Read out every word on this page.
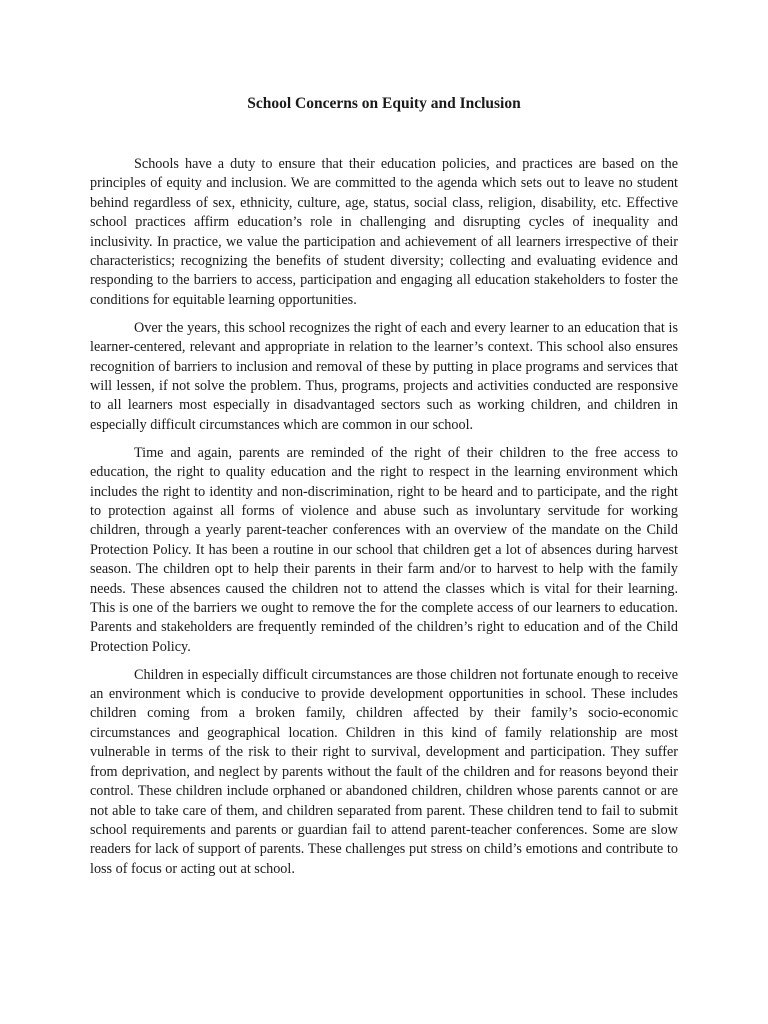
School Concerns on Equity and Inclusion

Schools have a duty to ensure that their education policies, and practices are based on the principles of equity and inclusion. We are committed to the agenda which sets out to leave no student behind regardless of sex, ethnicity, culture, age, status, social class, religion, disability, etc. Effective school practices affirm education’s role in challenging and disrupting cycles of inequality and inclusivity. In practice, we value the participation and achievement of all learners irrespective of their characteristics; recognizing the benefits of student diversity; collecting and evaluating evidence and responding to the barriers to access, participation and engaging all education stakeholders to foster the conditions for equitable learning opportunities.

Over the years, this school recognizes the right of each and every learner to an education that is learner-centered, relevant and appropriate in relation to the learner’s context. This school also ensures recognition of barriers to inclusion and removal of these by putting in place programs and services that will lessen, if not solve the problem. Thus, programs, projects and activities conducted are responsive to all learners most especially in disadvantaged sectors such as working children, and children in especially difficult circumstances which are common in our school.

Time and again, parents are reminded of the right of their children to the free access to education, the right to quality education and the right to respect in the learning environment which includes the right to identity and non-discrimination, right to be heard and to participate, and the right to protection against all forms of violence and abuse such as involuntary servitude for working children, through a yearly parent-teacher conferences with an overview of the mandate on the Child Protection Policy. It has been a routine in our school that children get a lot of absences during harvest season. The children opt to help their parents in their farm and/or to harvest to help with the family needs. These absences caused the children not to attend the classes which is vital for their learning. This is one of the barriers we ought to remove the for the complete access of our learners to education. Parents and stakeholders are frequently reminded of the children’s right to education and of the Child Protection Policy.

Children in especially difficult circumstances are those children not fortunate enough to receive an environment which is conducive to provide development opportunities in school. These includes children coming from a broken family, children affected by their family’s socio-economic circumstances and geographical location. Children in this kind of family relationship are most vulnerable in terms of the risk to their right to survival, development and participation. They suffer from deprivation, and neglect by parents without the fault of the children and for reasons beyond their control. These children include orphaned or abandoned children, children whose parents cannot or are not able to take care of them, and children separated from parent. These children tend to fail to submit school requirements and parents or guardian fail to attend parent-teacher conferences. Some are slow readers for lack of support of parents. These challenges put stress on child’s emotions and contribute to loss of focus or acting out at school.
